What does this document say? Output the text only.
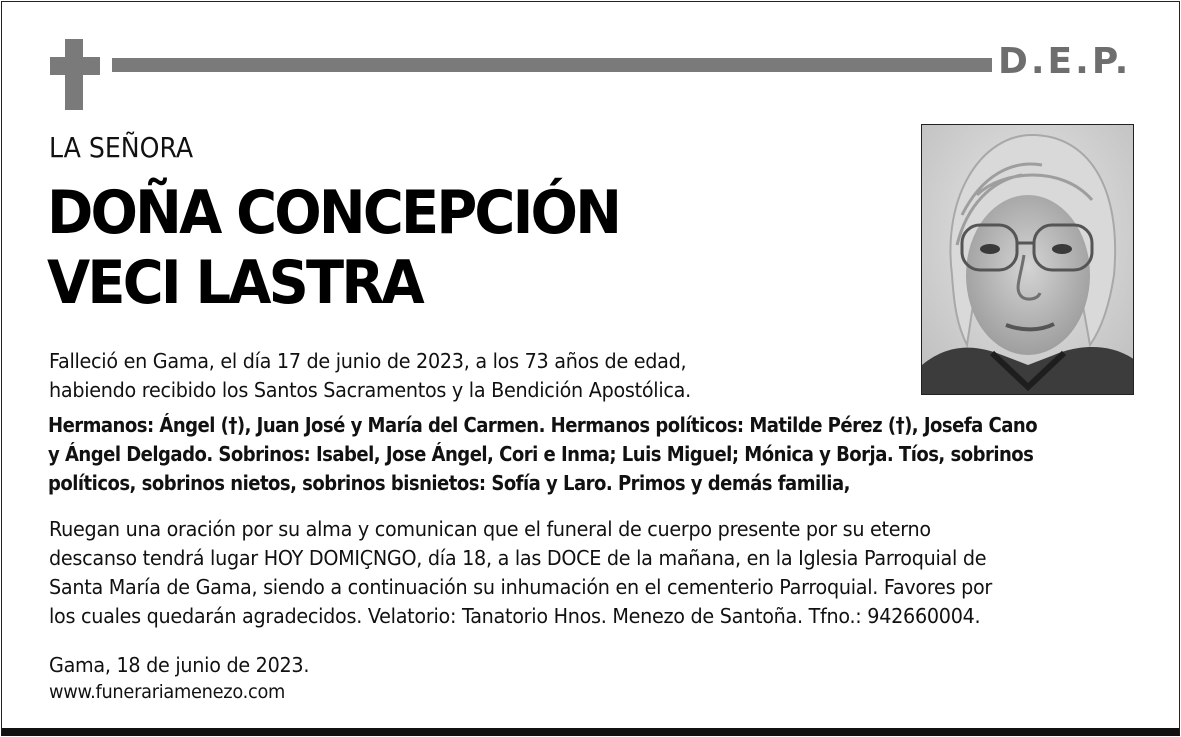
D.E.P.
LA SEÑORA
DOÑA CONCEPCIÓN
VECI LASTRA
Falleció en Gama, el día 17 de junio de 2023, a los 73 años de edad,
habiendo recibido los Santos Sacramentos y la Bendición Apostólica.
Hermanos: Ángel (†), Juan José y María del Carmen. Hermanos políticos: Matilde Pérez (†), Josefa Cano
y Ángel Delgado. Sobrinos: Isabel, Jose Ángel, Cori e Inma; Luis Miguel; Mónica y Borja. Tíos, sobrinos
políticos, sobrinos nietos, sobrinos bisnietos: Sofía y Laro. Primos y demás familia,
Ruegan una oración por su alma y comunican que el funeral de cuerpo presente por su eterno
descanso tendrá lugar HOY DOMIÇNGO, día 18, a las DOCE de la mañana, en la Iglesia Parroquial de
Santa María de Gama, siendo a continuación su inhumación en el cementerio Parroquial. Favores por
los cuales quedarán agradecidos. Velatorio: Tanatorio Hnos. Menezo de Santoña. Tfno.: 942660004.
Gama, 18 de junio de 2023.
www.funerariamenezo.com
